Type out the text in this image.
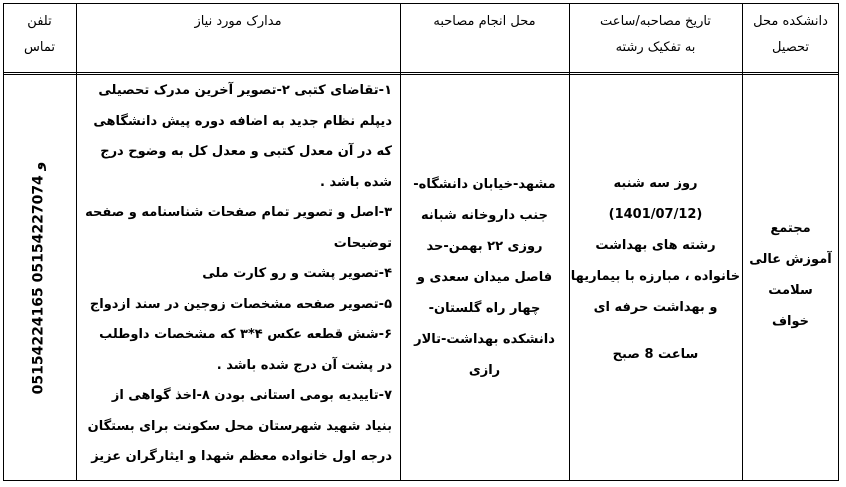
دانشکده محل
تحصیل
تاریخ مصاحبه/ساعت
به تفکیک رشته
محل انجام مصاحبه
مدارک مورد نیاز
تلفن
تماس
مجتمع
آموزش عالی
سلامت
خواف
روز سه شنبه
(1401/07/12)
رشته های بهداشت
خانواده ، مبارزه با بیماریها
و بهداشت حرفه ای
ساعت 8 صبح
مشهد-خیابان دانشگاه-
جنب داروخانه شبانه
روزی ۲۲ بهمن-حد
فاصل میدان سعدی و
چهار راه گلستان-
دانشکده بهداشت-تالار
رازی
۱-تقاضای کتبی ۲-تصویر آخرین مدرک تحصیلی
دیپلم نظام جدید به اضافه دوره پیش دانشگاهی
که در آن معدل کتبی و معدل کل به وضوح درج
شده باشد .
۳-اصل و تصویر تمام صفحات شناسنامه و صفحه
توضیحات
۴-تصویر پشت و رو کارت ملی
۵-تصویر صفحه مشخصات زوجین در سند ازدواج
۶-شش قطعه عکس ۴*۳ که مشخصات داوطلب
در پشت آن درج شده باشد .
۷-تاییدیه بومی استانی بودن ۸-اخذ گواهی از
بنیاد شهید شهرستان محل سکونت برای بستگان
درجه اول خانواده معظم شهدا و ایثارگران عزیز
05154224165 و 05154227074
